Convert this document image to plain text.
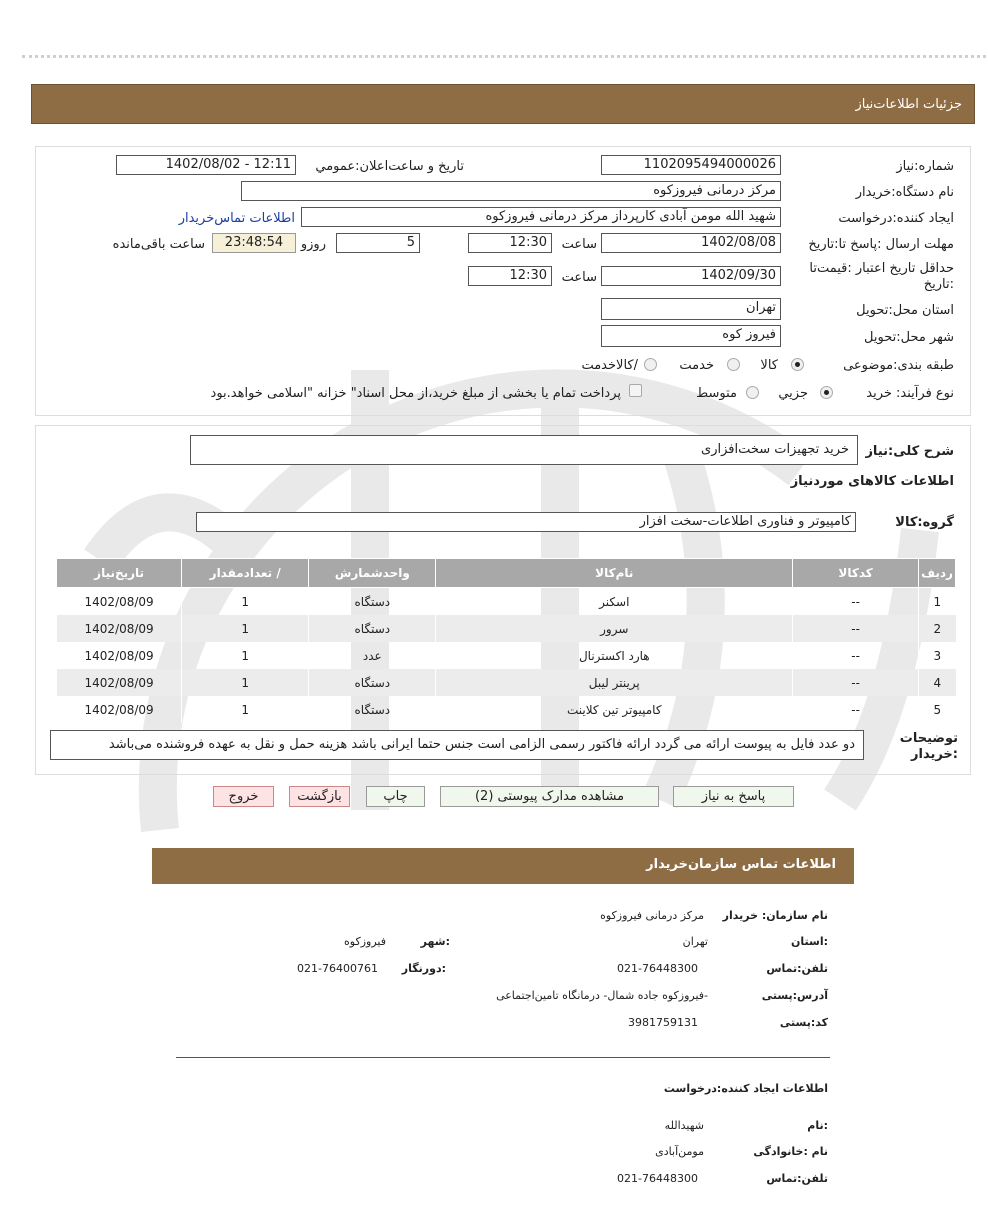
جزئیات اطلاعات‌نیاز
شماره:نیاز
1102095494000026
تاریخ و ساعت‌اعلان:عمومي
1402/08/02 - 12:11
نام دستگاه:خریدار
مرکز درمانی فیروزکوه
ایجاد کننده:درخواست
شهید الله مومن آبادی کارپرداز مرکز درمانی فیروزکوه
اطلاعات تماس‌خریدار
مهلت ارسال :پاسخ تا:تاریخ
1402/08/08
ساعت
12:30
5
روزو
23:48:54
ساعت باقی‌مانده
حداقل تاریخ اعتبار :قیمت‌تا :تاریخ
1402/09/30
ساعت
12:30
استان محل:تحویل
تهران
شهر محل:تحویل
فیروز کوه
طبقه بندی:موضوعی
کالا
خدمت
/کالاخدمت
نوع فرآیند: خرید
جزیي
متوسط
پرداخت تمام یا بخشی از مبلغ خرید،از محل اسناد" خزانه "اسلامی خواهد.بود
شرح کلی:نیاز
خرید تجهیزات سخت‌افزاری
اطلاعات کالاهای مورد‌نیاز
گروه:کالا
کامپیوتر و فناوری اطلاعات-سخت افزار
ردیف	کدکالا	نام‌کالا	واحدشمارش	/ تعدادمقدار	تاریخ‌نیاز
1	--	اسکنر	دستگاه	1	1402/08/09
2	--	سرور	دستگاه	1	1402/08/09
3	--	هارد اکسترنال	عدد	1	1402/08/09
4	--	پرینتر لیبل	دستگاه	1	1402/08/09
5	--	کامپیوتر تین کلاینت	دستگاه	1	1402/08/09
توضیحات :خریدار
دو عدد فایل به پیوست ارائه می گردد ارائه فاکتور رسمی الزامی است جنس حتما ایرانی باشد هزینه حمل و نقل به عهده فروشنده می‌باشد
پاسخ به نیاز
مشاهده مدارک پیوستی (2)
چاپ
بازگشت
خروج
اطلاعات تماس سازمان‌خریدار
نام سازمان: خریدار
مرکز درمانی فیروزکوه
:استان
تهران
:شهر
فیروزکوه
تلفن:تماس
021-76448300
:دورنگار
021-76400761
آدرس:پستی
-فیروزکوه جاده شمال- درمانگاه تامین‌اجتماعی
کد:پستی
3981759131
اطلاعات ایجاد کننده:درخواست
:نام
شهیدالله
نام :خانوادگی
مومن‌آبادی
تلفن:تماس
021-76448300
